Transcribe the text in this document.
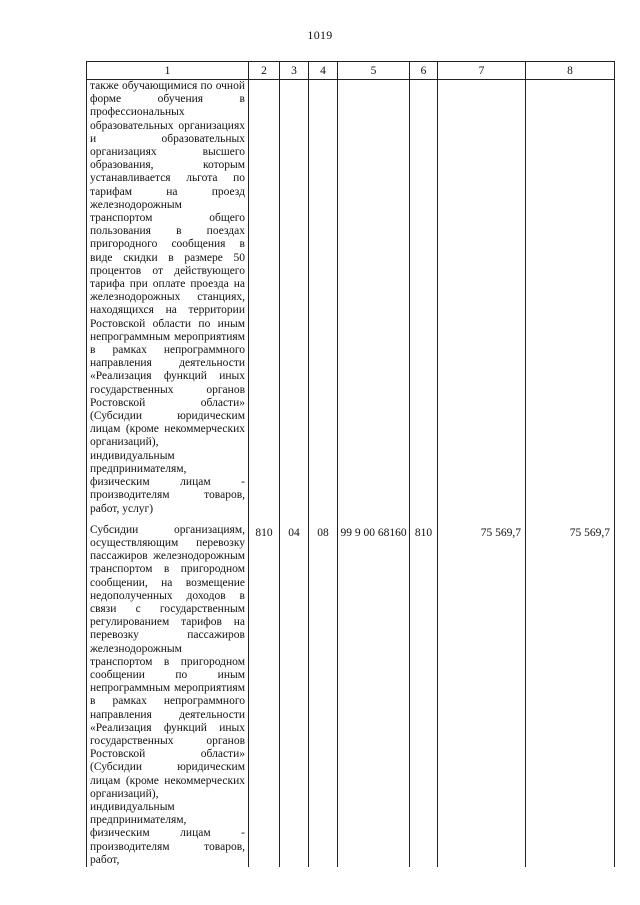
1019
1	2	3	4	5	6	7	8
также обучающимися по очной форме обучения в профессиональных образовательных организациях и образовательных организациях высшего образования, которым устанавливается льгота по тарифам на проезд железнодорожным транспортом общего пользования в поездах пригородного сообщения в виде скидки в размере 50 процентов от действующего тарифа при оплате проезда на железнодорожных станциях, находящихся на территории Ростовской области по иным непрограммным мероприятиям в рамках непрограммного направления деятельности «Реализация функций иных государственных органов Ростовской области» (Субсидии юридическим лицам (кроме некоммерческих организаций), индивидуальным предпринимателям, физическим лицам - производителям товаров, работ, услуг)							
Субсидии организациям, осуществляющим перевозку пассажиров железнодорожным транспортом в пригородном сообщении, на возмещение недополученных доходов в связи с государственным регулированием тарифов на перевозку пассажиров железнодорожным транспортом в пригородном сообщении по иным непрограммным мероприятиям в рамках непрограммного направления деятельности «Реализация функций иных государственных органов Ростовской области» (Субсидии юридическим лицам (кроме некоммерческих организаций), индивидуальным предпринимателям, физическим лицам - производителям товаров, работ,	810	04	08	99 9 00 68160	810	75 569,7	75 569,7
